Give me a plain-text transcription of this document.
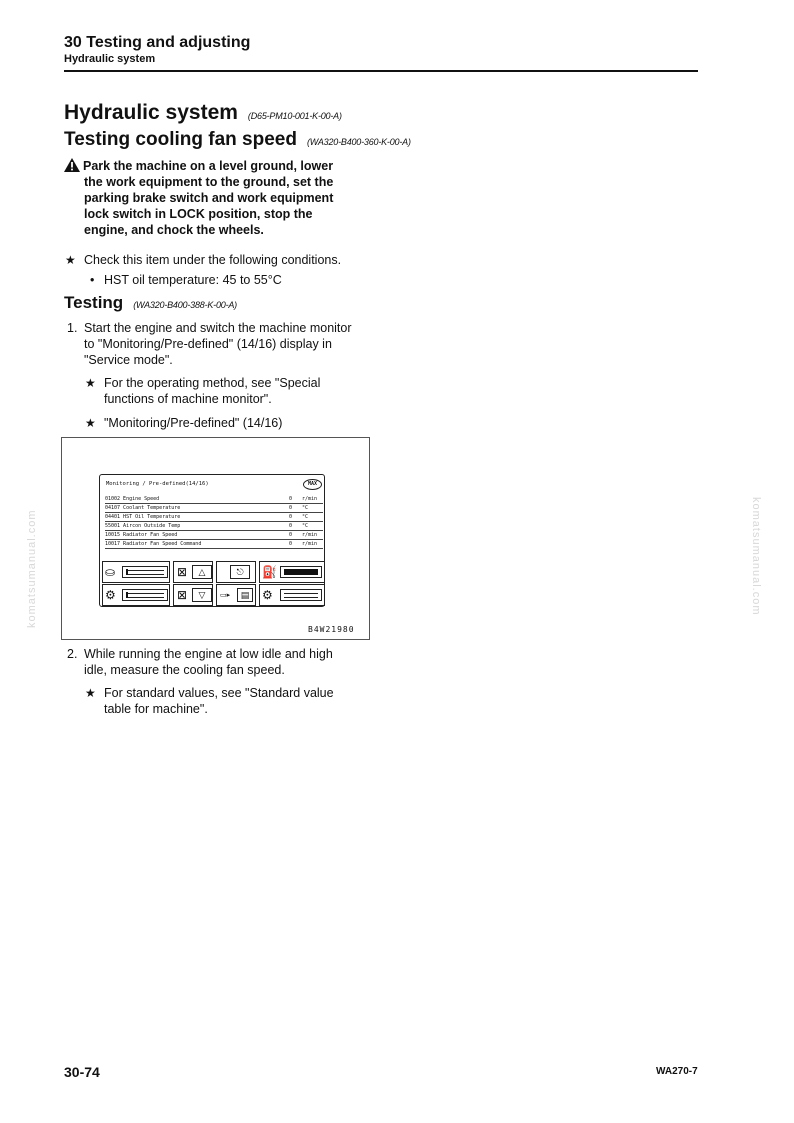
30 Testing and adjusting
Hydraulic system
Hydraulic system (D65-PM10-001-K-00-A)
Testing cooling fan speed (WA320-B400-360-K-00-A)
Park the machine on a level ground, lower
the work equipment to the ground, set the
parking brake switch and work equipment
lock switch in LOCK position, stop the
engine, and chock the wheels.
★ Check this item under the following conditions.
• HST oil temperature: 45 to 55°C
Testing (WA320-B400-388-K-00-A)
1. Start the engine and switch the machine monitor
to "Monitoring/Pre-defined" (14/16) display in
"Service mode".
★ For the operating method, see "Special
functions of machine monitor".
★ "Monitoring/Pre-defined" (14/16)
Monitoring / Pre-defined(14/16)	MAX
01002 Engine Speed	0 r/min
04107 Coolant Temperature	0 °C
04401 HST Oil Temperature	0 °C
55001 Aircon Outside Temp	0 °C
10015 Radiator Fan Speed	0 r/min
10017 Radiator Fan Speed Command	0 r/min
⛀	⊠	△	⎋	⛽
⚙	⊠	▽	▭▸	▤	⚙
B4W21980
2. While running the engine at low idle and high
idle, measure the cooling fan speed.
★ For standard values, see "Standard value
table for machine".
komatsumanual.com	komatsumanual.com
30-74	WA270-7
